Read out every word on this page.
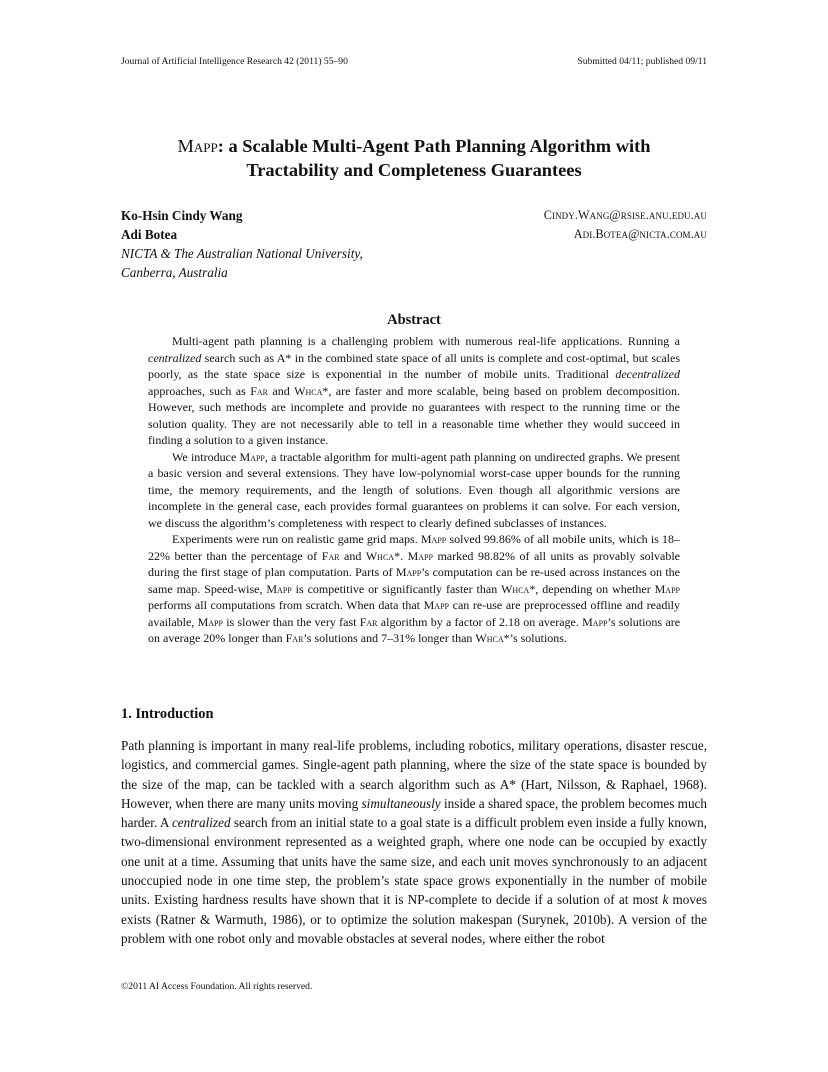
Journal of Artificial Intelligence Research 42 (2011) 55–90	Submitted 04/11; published 09/11
Mapp: a Scalable Multi-Agent Path Planning Algorithm with
Tractability and Completeness Guarantees
Ko-Hsin Cindy Wang	Cindy.Wang@rsise.anu.edu.au
Adi Botea	Adi.Botea@nicta.com.au
NICTA & The Australian National University,
Canberra, Australia
Abstract

Multi-agent path planning is a challenging problem with numerous real-life applications. Running a centralized search such as A* in the combined state space of all units is complete and cost-optimal, but scales poorly, as the state space size is exponential in the number of mobile units. Traditional decentralized approaches, such as Far and Whca*, are faster and more scalable, being based on problem decomposition. However, such methods are incomplete and provide no guarantees with respect to the running time or the solution quality. They are not necessarily able to tell in a reasonable time whether they would succeed in finding a solution to a given instance.

We introduce Mapp, a tractable algorithm for multi-agent path planning on undirected graphs. We present a basic version and several extensions. They have low-polynomial worst-case upper bounds for the running time, the memory requirements, and the length of solutions. Even though all algorithmic versions are incomplete in the general case, each provides formal guarantees on problems it can solve. For each version, we discuss the algorithm’s completeness with respect to clearly defined subclasses of instances.

Experiments were run on realistic game grid maps. Mapp solved 99.86% of all mobile units, which is 18–22% better than the percentage of Far and Whca*. Mapp marked 98.82% of all units as provably solvable during the first stage of plan computation. Parts of Mapp’s computation can be re-used across instances on the same map. Speed-wise, Mapp is competitive or significantly faster than Whca*, depending on whether Mapp performs all computations from scratch. When data that Mapp can re-use are preprocessed offline and readily available, Mapp is slower than the very fast Far algorithm by a factor of 2.18 on average. Mapp’s solutions are on average 20% longer than Far’s solutions and 7–31% longer than Whca*’s solutions.

1. Introduction

Path planning is important in many real-life problems, including robotics, military operations, disaster rescue, logistics, and commercial games. Single-agent path planning, where the size of the state space is bounded by the size of the map, can be tackled with a search algorithm such as A* (Hart, Nilsson, & Raphael, 1968). However, when there are many units moving simultaneously inside a shared space, the problem becomes much harder. A centralized search from an initial state to a goal state is a difficult problem even inside a fully known, two-dimensional environment represented as a weighted graph, where one node can be occupied by exactly one unit at a time. Assuming that units have the same size, and each unit moves synchronously to an adjacent unoccupied node in one time step, the problem’s state space grows exponentially in the number of mobile units. Existing hardness results have shown that it is NP-complete to decide if a solution of at most k moves exists (Ratner & Warmuth, 1986), or to optimize the solution makespan (Surynek, 2010b). A version of the problem with one robot only and movable obstacles at several nodes, where either the robot

©2011 AI Access Foundation. All rights reserved.
